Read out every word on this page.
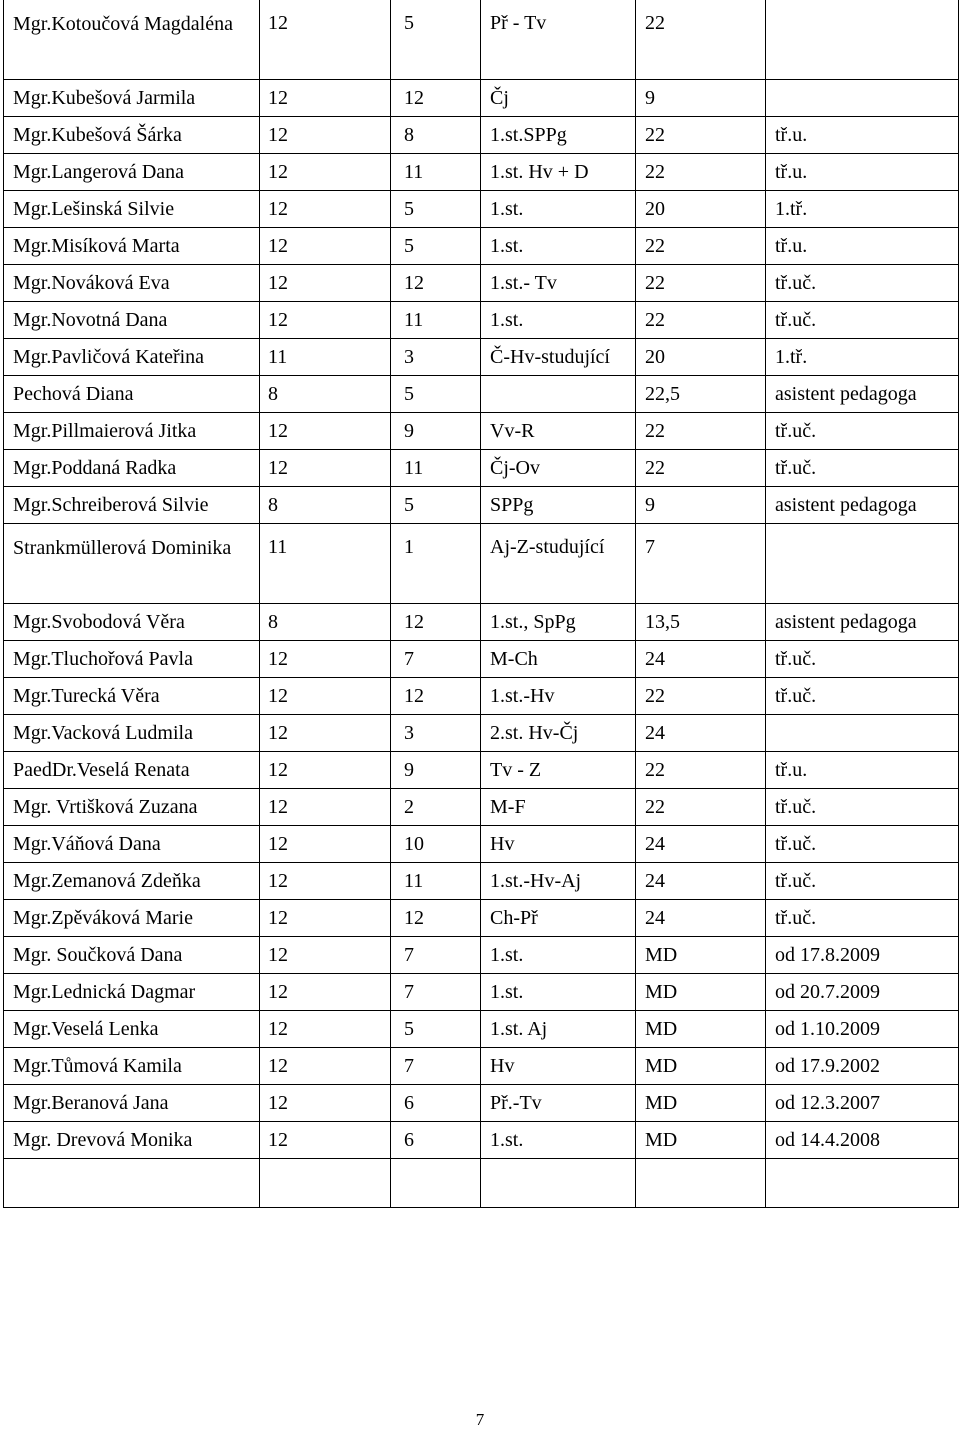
Mgr.Kotoučová Magdaléna	12	5	Př - Tv	22	
Mgr.Kubešová Jarmila	12	12	Čj	9	
Mgr.Kubešová Šárka	12	8	1.st.SPPg	22	tř.u.
Mgr.Langerová Dana	12	11	1.st. Hv + D	22	tř.u.
Mgr.Lešinská Silvie	12	5	1.st.	20	1.tř.
Mgr.Misíková Marta	12	5	1.st.	22	tř.u.
Mgr.Nováková Eva	12	12	1.st.- Tv	22	tř.uč.
Mgr.Novotná Dana	12	11	1.st.	22	tř.uč.
Mgr.Pavličová Kateřina	11	3	Č-Hv-studující	20	1.tř.
Pechová Diana	8	5		22,5	asistent pedagoga
Mgr.Pillmaierová Jitka	12	9	Vv-R	22	tř.uč.
Mgr.Poddaná Radka	12	11	Čj-Ov	22	tř.uč.
Mgr.Schreiberová Silvie	8	5	SPPg	9	asistent pedagoga
Strankmüllerová Dominika	11	1	Aj-Z-studující	7	
Mgr.Svobodová Věra	8	12	1.st., SpPg	13,5	asistent pedagoga
Mgr.Tluchořová Pavla	12	7	M-Ch	24	tř.uč.
Mgr.Turecká Věra	12	12	1.st.-Hv	22	tř.uč.
Mgr.Vacková Ludmila	12	3	2.st. Hv-Čj	24	
PaedDr.Veselá Renata	12	9	Tv - Z	22	tř.u.
Mgr. Vrtišková Zuzana	12	2	M-F	22	tř.uč.
Mgr.Váňová Dana	12	10	Hv	24	tř.uč.
Mgr.Zemanová Zdeňka	12	11	1.st.-Hv-Aj	24	tř.uč.
Mgr.Zpěváková Marie	12	12	Ch-Př	24	tř.uč.
Mgr. Součková Dana	12	7	1.st.	MD	od 17.8.2009
Mgr.Lednická Dagmar	12	7	1.st.	MD	od 20.7.2009
Mgr.Veselá Lenka	12	5	1.st. Aj	MD	od 1.10.2009
Mgr.Tůmová Kamila	12	7	Hv	MD	od 17.9.2002
Mgr.Beranová Jana	12	6	Př.-Tv	MD	od 12.3.2007
Mgr. Drevová Monika	12	6	1.st.	MD	od 14.4.2008

7
